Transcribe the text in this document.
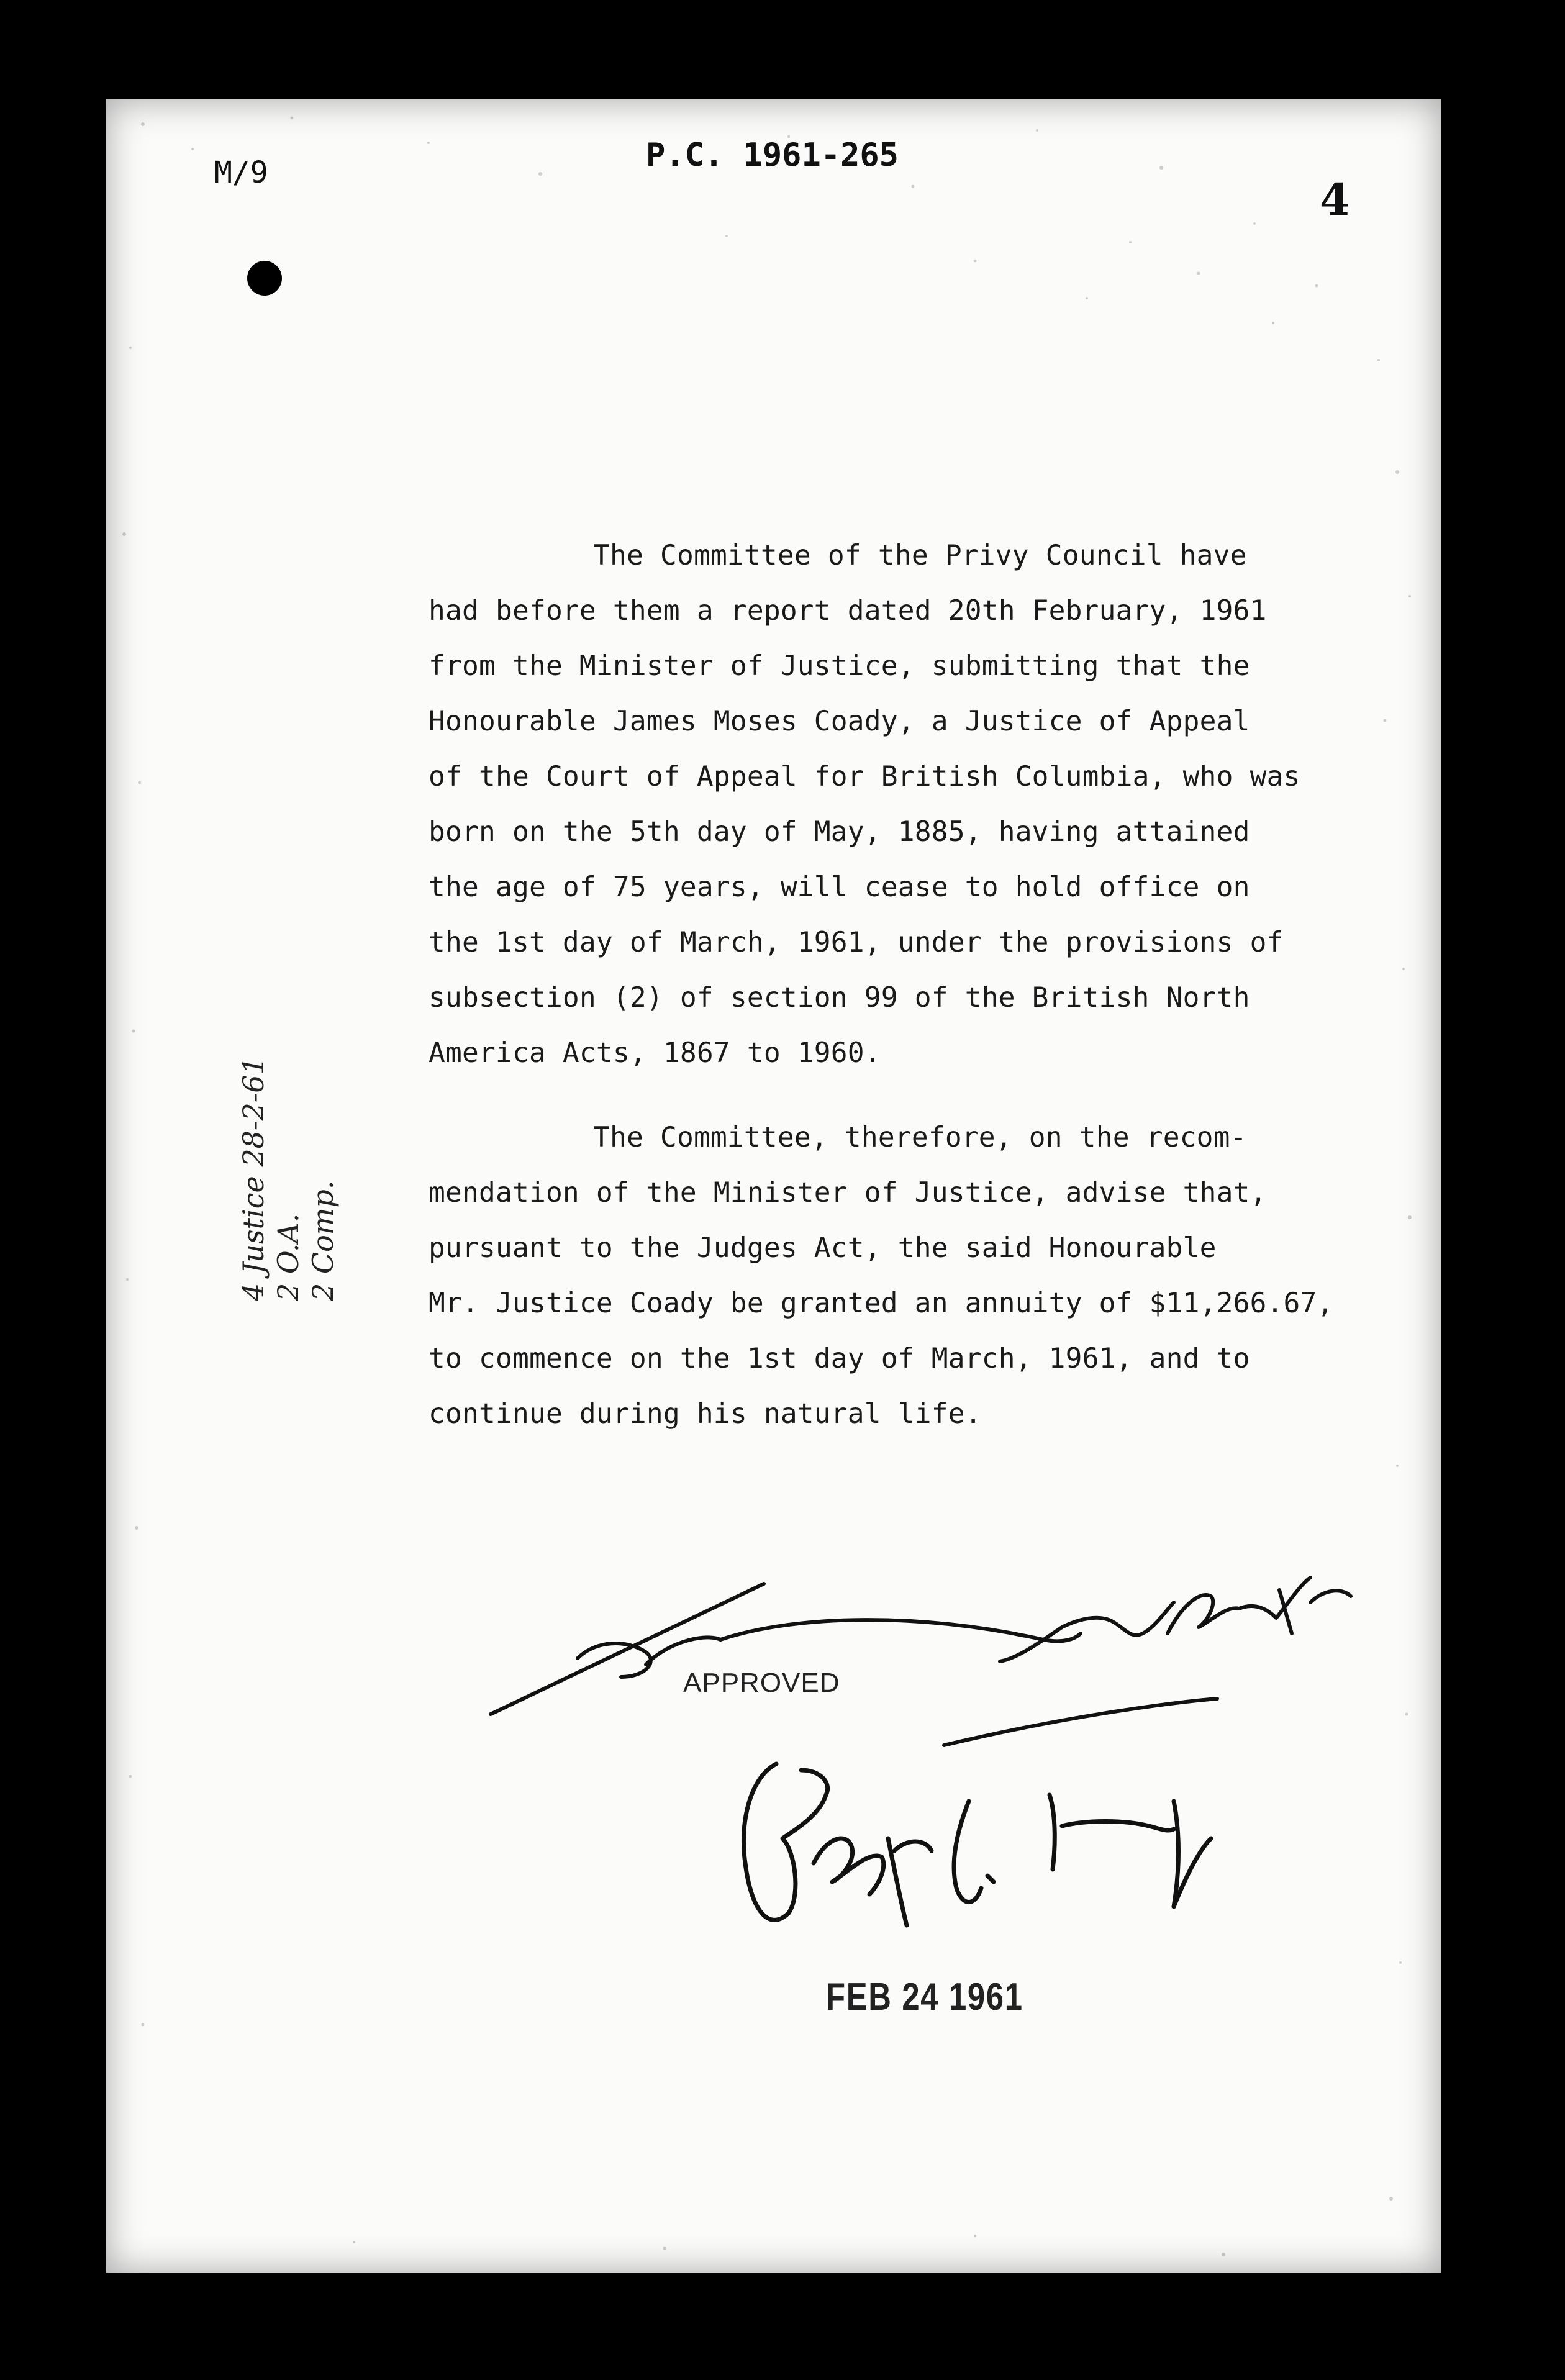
M/9	P.C. 1961-265
4

The Committee of the Privy Council have
had before them a report dated 20th February, 1961
from the Minister of Justice, submitting that the
Honourable James Moses Coady, a Justice of Appeal
of the Court of Appeal for British Columbia, who was
born on the 5th day of May, 1885, having attained
the age of 75 years, will cease to hold office on
the 1st day of March, 1961, under the provisions of
subsection (2) of section 99 of the British North
America Acts, 1867 to 1960.

The Committee, therefore, on the recom-
mendation of the Minister of Justice, advise that,
pursuant to the Judges Act, the said Honourable
Mr. Justice Coady be granted an annuity of $11,266.67,
to commence on the 1st day of March, 1961, and to
continue during his natural life.

4 Justice 28-2-61 2 O.A. 2 Comp.
APPROVED
FEB 24 1961
